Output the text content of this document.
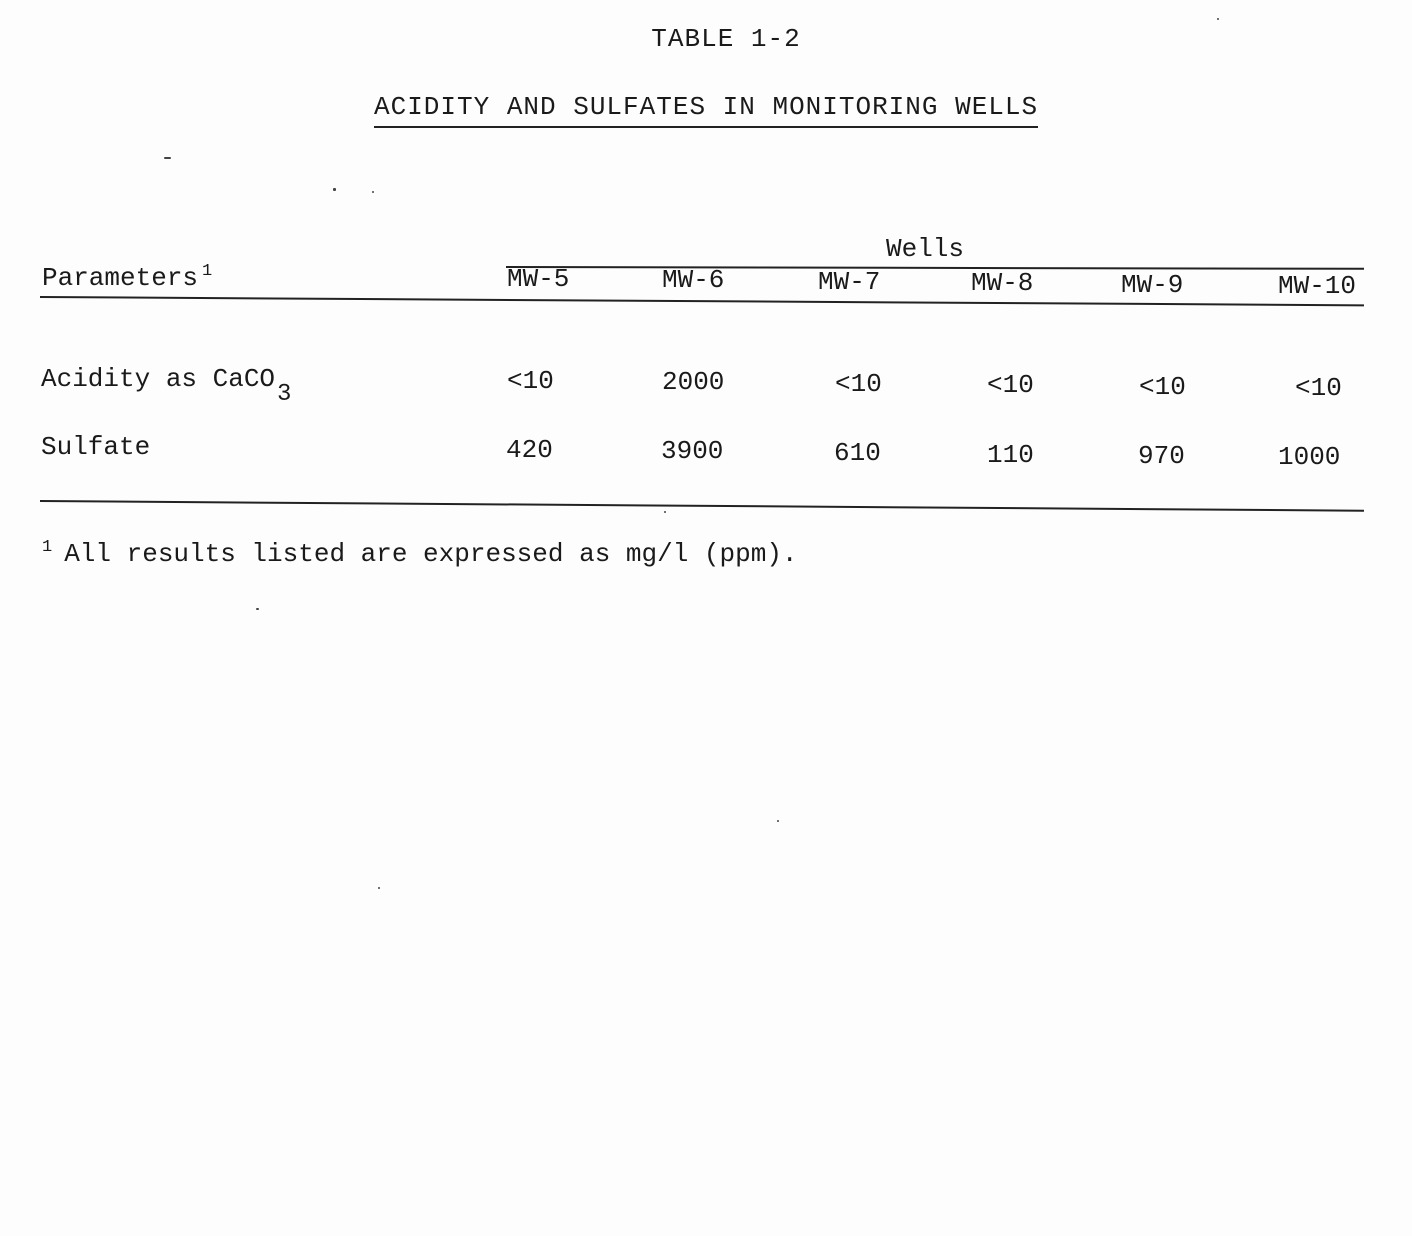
TABLE 1-2
ACIDITY AND SULFATES IN MONITORING WELLS
Wells
Parameters $^1$	MW-5	MW-6	MW-7	MW-8	MW-9	MW-10
Acidity as CaCO3	<10	2000	<10	<10	<10	<10
Sulfate	420	3900	610	110	970	1000
$^1$ All results listed are expressed as mg/l (ppm).
